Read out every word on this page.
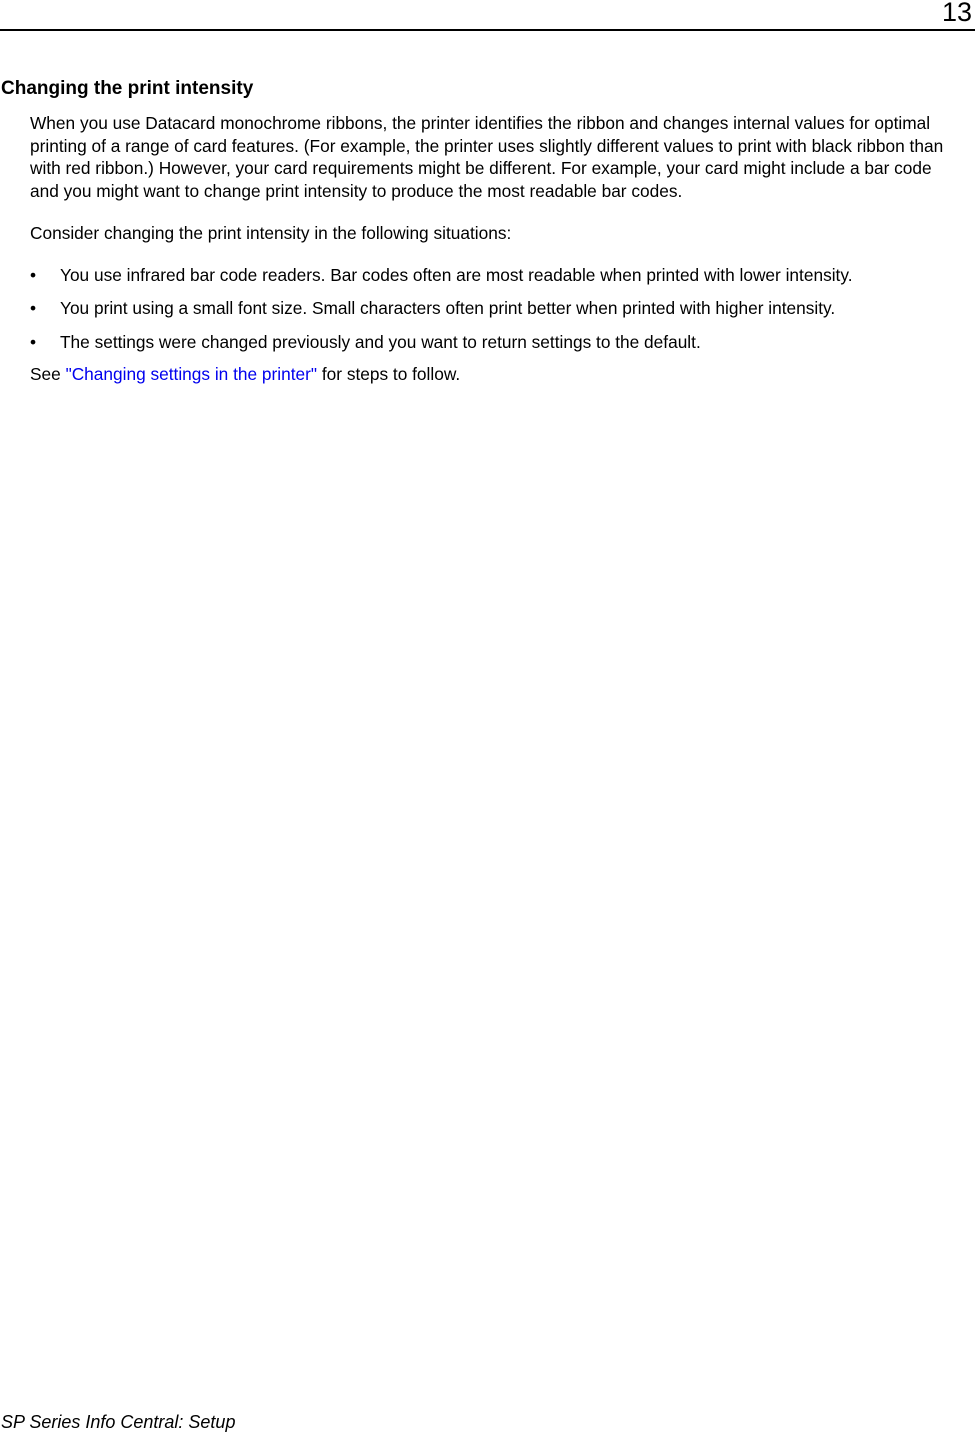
13
Changing the print intensity

When you use Datacard monochrome ribbons, the printer identifies the ribbon and changes internal values for optimal printing of a range of card features. (For example, the printer uses slightly different values to print with black ribbon than with red ribbon.) However, your card requirements might be different. For example, your card might include a bar code and you might want to change print intensity to produce the most readable bar codes.

Consider changing the print intensity in the following situations:

• You use infrared bar code readers. Bar codes often are most readable when printed with lower intensity.
• You print using a small font size. Small characters often print better when printed with higher intensity.
• The settings were changed previously and you want to return settings to the default.

See "Changing settings in the printer" for steps to follow.

SP Series Info Central: Setup
